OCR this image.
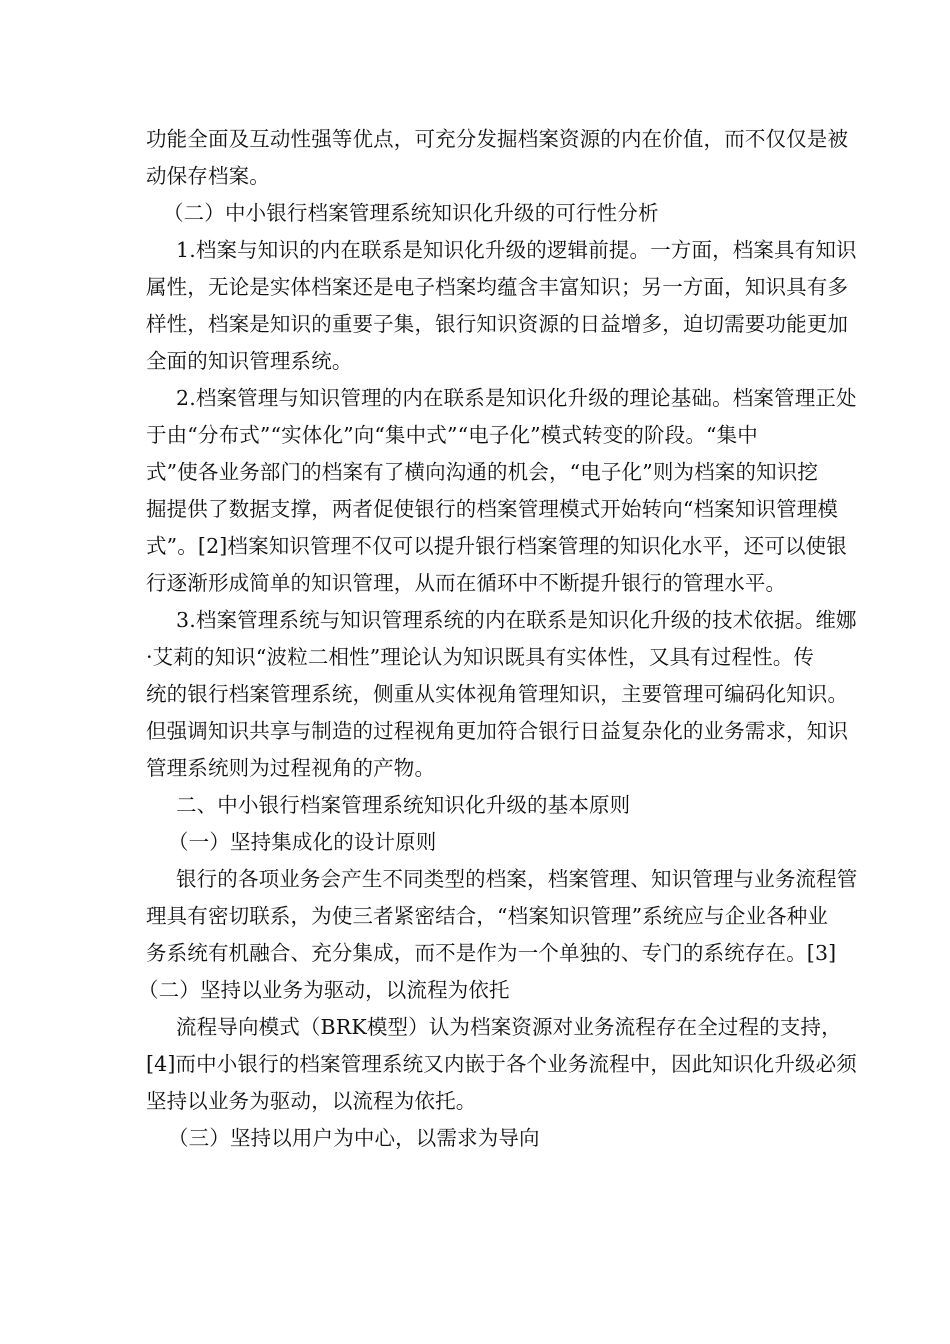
功能全面及互动性强等优点，可充分发掘档案资源的内在价值，而不仅仅是被
动保存档案。
（二）中小银行档案管理系统知识化升级的可行性分析
1.档案与知识的内在联系是知识化升级的逻辑前提。一方面，档案具有知识
属性，无论是实体档案还是电子档案均蕴含丰富知识；另一方面，知识具有多
样性，档案是知识的重要子集，银行知识资源的日益增多，迫切需要功能更加
全面的知识管理系统。
2.档案管理与知识管理的内在联系是知识化升级的理论基础。档案管理正处
于由“分布式”“实体化”向“集中式”“电子化”模式转变的阶段。“集中
式”使各业务部门的档案有了横向沟通的机会，“电子化”则为档案的知识挖
掘提供了数据支撑，两者促使银行的档案管理模式开始转向“档案知识管理模
式”。[2]档案知识管理不仅可以提升银行档案管理的知识化水平，还可以使银
行逐渐形成简单的知识管理，从而在循环中不断提升银行的管理水平。
3.档案管理系统与知识管理系统的内在联系是知识化升级的技术依据。维娜
·艾莉的知识“波粒二相性”理论认为知识既具有实体性，又具有过程性。传
统的银行档案管理系统，侧重从实体视角管理知识，主要管理可编码化知识。
但强调知识共享与制造的过程视角更加符合银行日益复杂化的业务需求，知识
管理系统则为过程视角的产物。
二、中小银行档案管理系统知识化升级的基本原则
（一）坚持集成化的设计原则
银行的各项业务会产生不同类型的档案，档案管理、知识管理与业务流程管
理具有密切联系，为使三者紧密结合，“档案知识管理”系统应与企业各种业
务系统有机融合、充分集成，而不是作为一个单独的、专门的系统存在。[3]
（二）坚持以业务为驱动，以流程为依托
流程导向模式（BRK模型）认为档案资源对业务流程存在全过程的支持，
[4]而中小银行的档案管理系统又内嵌于各个业务流程中，因此知识化升级必须
坚持以业务为驱动，以流程为依托。
（三）坚持以用户为中心，以需求为导向
